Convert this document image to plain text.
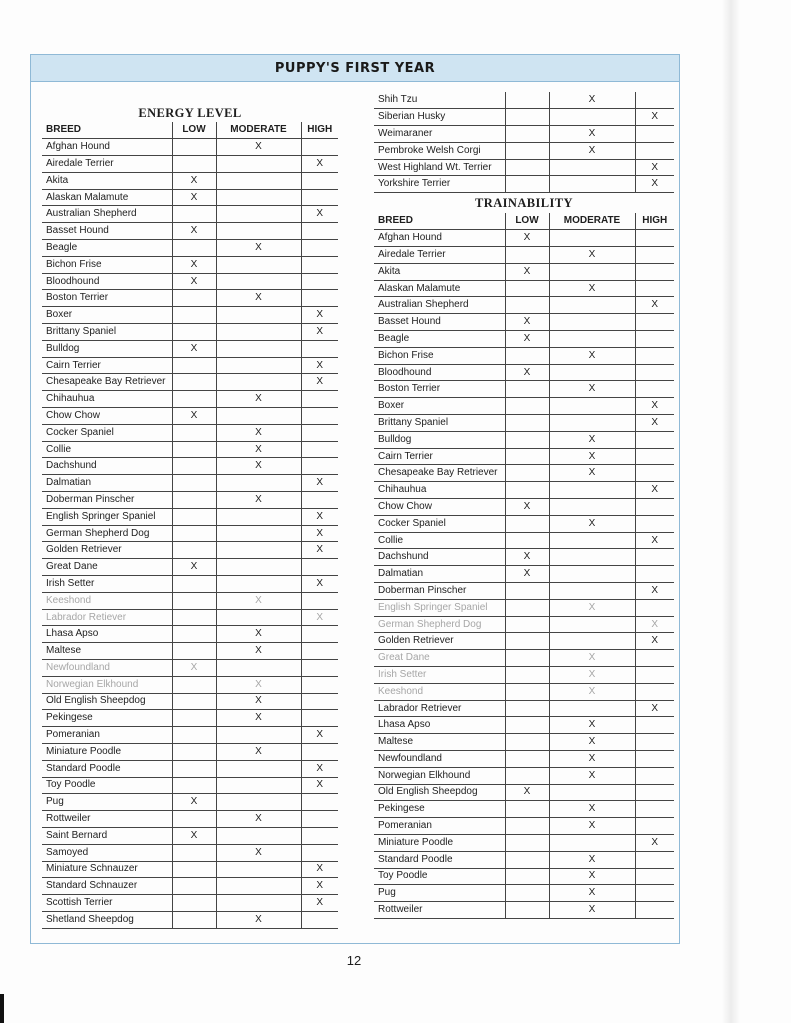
PUPPY'S FIRST YEAR
ENERGY LEVEL
BREED	LOW	MODERATE	HIGH
Afghan Hound		X	
Airedale Terrier			X
Akita	X		
Alaskan Malamute	X		
Australian Shepherd			X
Basset Hound	X		
Beagle		X	
Bichon Frise	X		
Bloodhound	X		
Boston Terrier		X	
Boxer			X
Brittany Spaniel			X
Bulldog	X		
Cairn Terrier			X
Chesapeake Bay Retriever			X
Chihauhua		X	
Chow Chow	X		
Cocker Spaniel		X	
Collie		X	
Dachshund		X	
Dalmatian			X
Doberman Pinscher		X	
English Springer Spaniel			X
German Shepherd Dog			X
Golden Retriever			X
Great Dane	X		
Irish Setter			X
Keeshond		X	
Labrador Retiever			X
Lhasa Apso		X	
Maltese		X	
Newfoundland	X		
Norwegian Elkhound		X	
Old English Sheepdog		X	
Pekingese		X	
Pomeranian			X
Miniature Poodle		X	
Standard Poodle			X
Toy Poodle			X
Pug	X		
Rottweiler		X	
Saint Bernard	X		
Samoyed		X	
Miniature Schnauzer			X
Standard Schnauzer			X
Scottish Terrier			X
Shetland Sheepdog		X	
Shih Tzu		X	
Siberian Husky			X
Weimaraner		X	
Pembroke Welsh Corgi		X	
West Highland Wt. Terrier			X
Yorkshire Terrier			X
TRAINABILITY
BREED	LOW	MODERATE	HIGH
Afghan Hound	X		
Airedale Terrier		X	
Akita	X		
Alaskan Malamute		X	
Australian Shepherd			X
Basset Hound	X		
Beagle	X		
Bichon Frise		X	
Bloodhound	X		
Boston Terrier		X	
Boxer			X
Brittany Spaniel			X
Bulldog		X	
Cairn Terrier		X	
Chesapeake Bay Retriever		X	
Chihauhua			X
Chow Chow	X		
Cocker Spaniel		X	
Collie			X
Dachshund	X		
Dalmatian	X		
Doberman Pinscher			X
English Springer Spaniel		X	
German Shepherd Dog			X
Golden Retriever			X
Great Dane		X	
Irish Setter		X	
Keeshond		X	
Labrador Retriever			X
Lhasa Apso		X	
Maltese		X	
Newfoundland		X	
Norwegian Elkhound		X	
Old English Sheepdog	X		
Pekingese		X	
Pomeranian		X	
Miniature Poodle			X
Standard Poodle		X	
Toy Poodle		X	
Pug		X	
Rottweiler		X	
12
